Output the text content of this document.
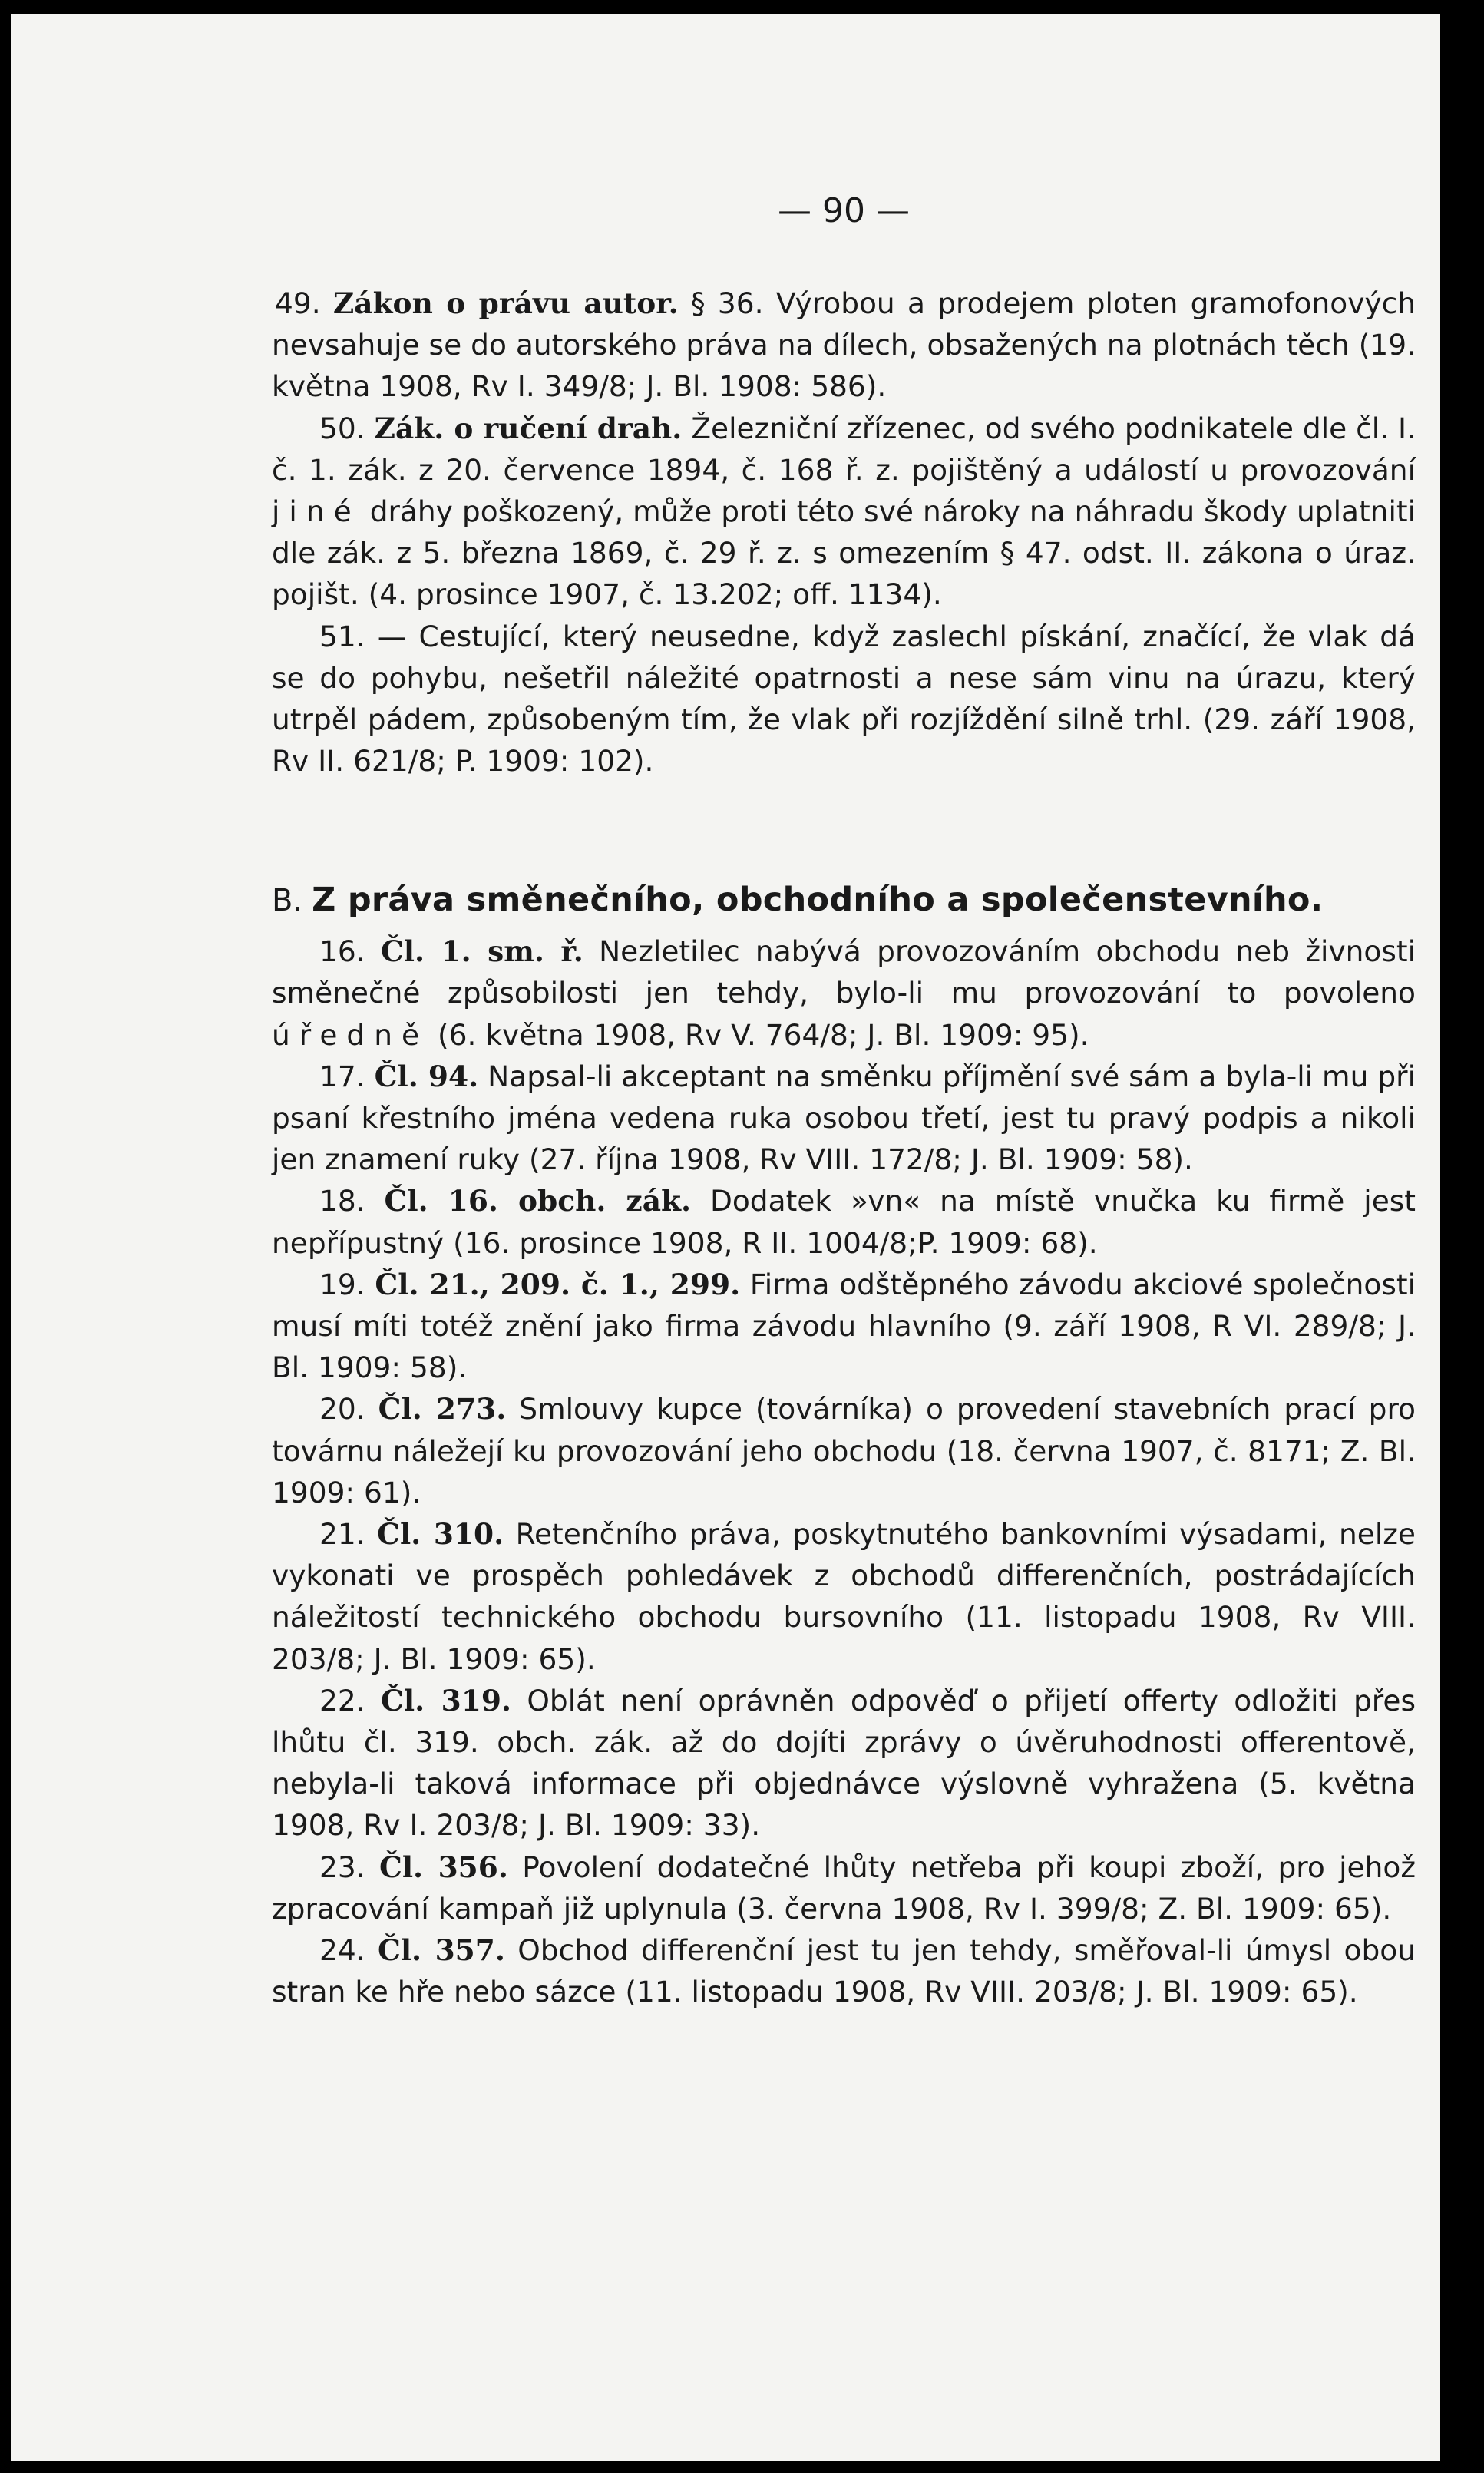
— 90 —

49. Zákon o právu autor. § 36. Výrobou a prodejem ploten gramofonových nevsahuje se do autorského práva na dílech, obsažených na plotnách těch (19. května 1908, Rv I. 349/8; J. Bl. 1908: 586).

50. Zák. o ručení drah. Železniční zřízenec, od svého podnikatele dle čl. I. č. 1. zák. z 20. července 1894, č. 168 ř. z. pojištěný a událostí u provozování jiné dráhy poškozený, může proti této své nároky na náhradu škody uplatniti dle zák. z 5. března 1869, č. 29 ř. z. s omezením § 47. odst. II. zákona o úraz. pojišt. (4. prosince 1907, č. 13.202; off. 1134).

51. — Cestující, který neusedne, když zaslechl pískání, značící, že vlak dá se do pohybu, nešetřil náležité opatrnosti a nese sám vinu na úrazu, který utrpěl pádem, způsobeným tím, že vlak při rozjíždění silně trhl. (29. září 1908, Rv II. 621/8; P. 1909: 102).

B. Z práva směnečního, obchodního a společenstevního.

16. Čl. 1. sm. ř. Nezletilec nabývá provozováním obchodu neb živnosti směnečné způsobilosti jen tehdy, bylo-li mu provozování to povoleno úředně (6. května 1908, Rv V. 764/8; J. Bl. 1909: 95).

17. Čl. 94. Napsal-li akceptant na směnku příjmění své sám a byla-li mu při psaní křestního jména vedena ruka osobou třetí, jest tu pravý podpis a nikoli jen znamení ruky (27. října 1908, Rv VIII. 172/8; J. Bl. 1909: 58).

18. Čl. 16. obch. zák. Dodatek »vn« na místě vnučka ku firmě jest nepřípustný (16. prosince 1908, R II. 1004/8;P. 1909: 68).

19. Čl. 21., 209. č. 1., 299. Firma odštěpného závodu akciové společnosti musí míti totéž znění jako firma závodu hlavního (9. září 1908, R VI. 289/8; J. Bl. 1909: 58).

20. Čl. 273. Smlouvy kupce (továrníka) o provedení stavebních prací pro továrnu náležejí ku provozování jeho obchodu (18. června 1907, č. 8171; Z. Bl. 1909: 61).

21. Čl. 310. Retenčního práva, poskytnutého bankovními výsadami, nelze vykonati ve prospěch pohledávek z obchodů differenčních, postrádajících náležitostí technického obchodu bursovního (11. listopadu 1908, Rv VIII. 203/8; J. Bl. 1909: 65).

22. Čl. 319. Oblát není oprávněn odpověď o přijetí offerty odložiti přes lhůtu čl. 319. obch. zák. až do dojíti zprávy o úvěruhodnosti offerentově, nebyla-li taková informace při objednávce výslovně vyhražena (5. května 1908, Rv I. 203/8; J. Bl. 1909: 33).

23. Čl. 356. Povolení dodatečné lhůty netřeba při koupi zboží, pro jehož zpracování kampaň již uplynula (3. června 1908, Rv I. 399/8; Z. Bl. 1909: 65).

24. Čl. 357. Obchod differenční jest tu jen tehdy, směřoval-li úmysl obou stran ke hře nebo sázce (11. listopadu 1908, Rv VIII. 203/8; J. Bl. 1909: 65).
